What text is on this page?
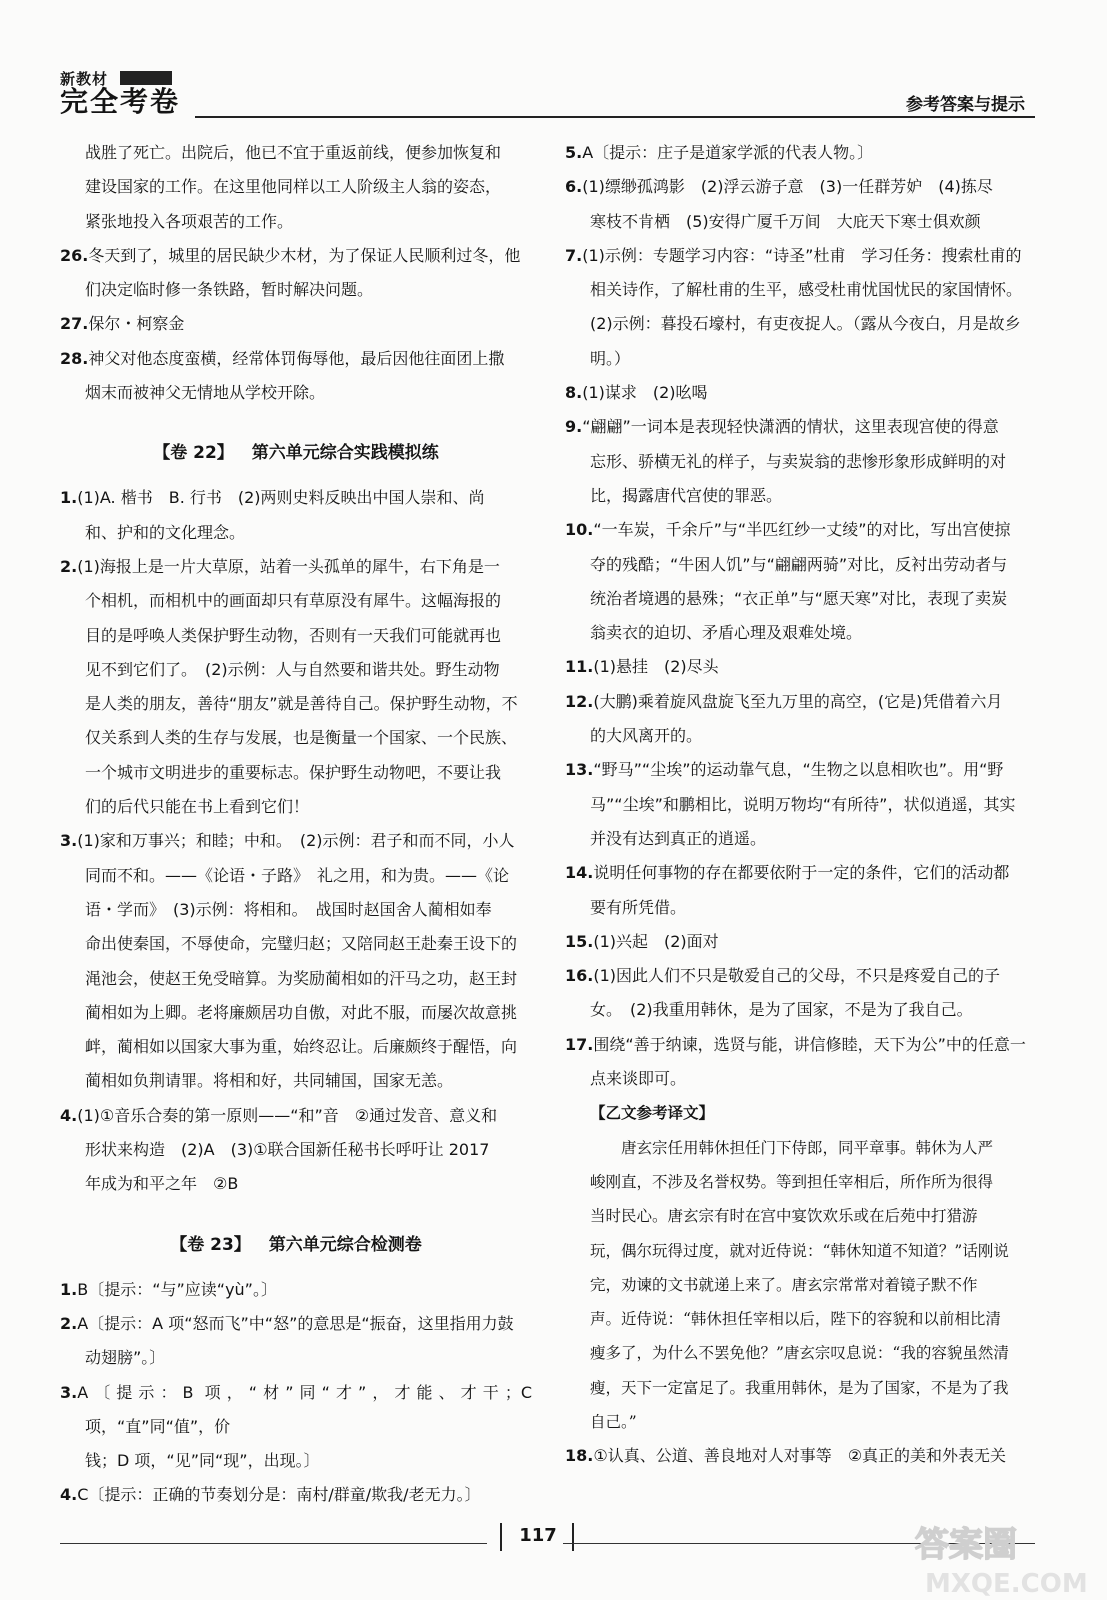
新教材
完全考卷	参考答案与提示

战胜了死亡。出院后，他已不宜于重返前线，便参加恢复和

建设国家的工作。在这里他同样以工人阶级主人翁的姿态，

紧张地投入各项艰苦的工作。

26.冬天到了，城里的居民缺少木材，为了保证人民顺利过冬，他

们决定临时修一条铁路，暂时解决问题。

27.保尔・柯察金

28.神父对他态度蛮横，经常体罚侮辱他，最后因他往面团上撒

烟末而被神父无情地从学校开除。

【卷 22】 第六单元综合实践模拟练

1.(1)A. 楷书　B. 行书　(2)两则史料反映出中国人崇和、尚

和、护和的文化理念。

2.(1)海报上是一片大草原，站着一头孤单的犀牛，右下角是一

个相机，而相机中的画面却只有草原没有犀牛。这幅海报的

目的是呼唤人类保护野生动物，否则有一天我们可能就再也

见不到它们了。　(2)示例：人与自然要和谐共处。野生动物

是人类的朋友，善待“朋友”就是善待自己。保护野生动物，不

仅关系到人类的生存与发展，也是衡量一个国家、一个民族、

一个城市文明进步的重要标志。保护野生动物吧，不要让我

们的后代只能在书上看到它们！

3.(1)家和万事兴；和睦；中和。　(2)示例：君子和而不同，小人

同而不和。——《论语・子路》　礼之用，和为贵。——《论

语・学而》　(3)示例：将相和。　战国时赵国舍人蔺相如奉

命出使秦国，不辱使命，完璧归赵；又陪同赵王赴秦王设下的

渑池会，使赵王免受暗算。为奖励蔺相如的汗马之功，赵王封

蔺相如为上卿。老将廉颇居功自傲，对此不服，而屡次故意挑

衅，蔺相如以国家大事为重，始终忍让。后廉颇终于醒悟，向

蔺相如负荆请罪。将相和好，共同辅国，国家无恙。

4.(1)①音乐合奏的第一原则——“和”音　②通过发音、意义和

形状来构造　(2)A　(3)①联合国新任秘书长呼吁让 2017

年成为和平之年　②B

【卷 23】 第六单元综合检测卷

1.B〔提示：“与”应读“yù”。〕

2.A〔提示：A 项“怒而飞”中“怒”的意思是“振奋，这里指用力鼓

动翅膀”。〕

3.A〔提示：B 项，“材”同“才”，才能、才干；C 项，“直”同“值”，价

钱；D 项，“见”同“现”，出现。〕

4.C〔提示：正确的节奏划分是：南村/群童/欺我/老无力。〕

5.A〔提示：庄子是道家学派的代表人物。〕

6.(1)缥缈孤鸿影　(2)浮云游子意　(3)一任群芳妒　(4)拣尽

寒枝不肯栖　(5)安得广厦千万间　大庇天下寒士俱欢颜

7.(1)示例：专题学习内容：“诗圣”杜甫　学习任务：搜索杜甫的

相关诗作，了解杜甫的生平，感受杜甫忧国忧民的家国情怀。

(2)示例：暮投石壕村，有吏夜捉人。（露从今夜白，月是故乡

明。）

8.(1)谋求　(2)吆喝

9.“翩翩”一词本是表现轻快潇洒的情状，这里表现宫使的得意

忘形、骄横无礼的样子，与卖炭翁的悲惨形象形成鲜明的对

比，揭露唐代宫使的罪恶。

10.“一车炭，千余斤”与“半匹红纱一丈绫”的对比，写出宫使掠

夺的残酷；“牛困人饥”与“翩翩两骑”对比，反衬出劳动者与

统治者境遇的悬殊；“衣正单”与“愿天寒”对比，表现了卖炭

翁卖衣的迫切、矛盾心理及艰难处境。

11.(1)悬挂　(2)尽头

12.(大鹏)乘着旋风盘旋飞至九万里的高空，(它是)凭借着六月

的大风离开的。

13.“野马”“尘埃”的运动靠气息，“生物之以息相吹也”。用“野

马”“尘埃”和鹏相比，说明万物均“有所待”，状似逍遥，其实

并没有达到真正的逍遥。

14.说明任何事物的存在都要依附于一定的条件，它们的活动都

要有所凭借。

15.(1)兴起　(2)面对

16.(1)因此人们不只是敬爱自己的父母，不只是疼爱自己的子

女。　(2)我重用韩休，是为了国家，不是为了我自己。

17.围绕“善于纳谏，选贤与能，讲信修睦，天下为公”中的任意一

点来谈即可。

【乙文参考译文】

唐玄宗任用韩休担任门下侍郎，同平章事。韩休为人严

峻刚直，不涉及名誉权势。等到担任宰相后，所作所为很得

当时民心。唐玄宗有时在宫中宴饮欢乐或在后苑中打猎游

玩，偶尔玩得过度，就对近侍说：“韩休知道不知道？”话刚说

完，劝谏的文书就递上来了。唐玄宗常常对着镜子默不作

声。近侍说：“韩休担任宰相以后，陛下的容貌和以前相比清

瘦多了，为什么不罢免他？”唐玄宗叹息说：“我的容貌虽然清

瘦，天下一定富足了。我重用韩休，是为了国家，不是为了我

自己。”

18.①认真、公道、善良地对人对事等　②真正的美和外表无关

117	答案圈
MXQE.COM
